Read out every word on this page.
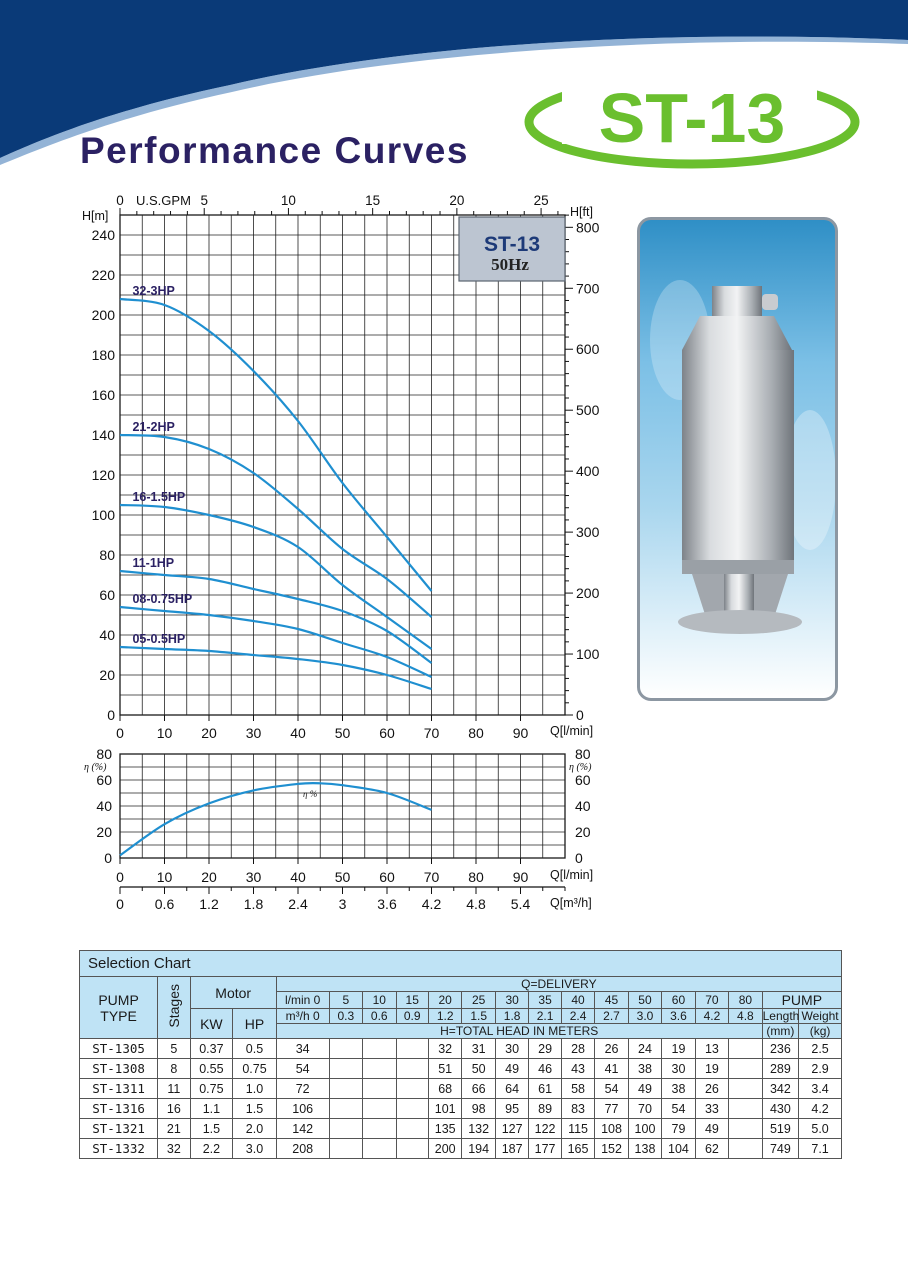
Performance Curves ST-13
0 10 20 30 40 50 60 70 80 90
0
20
40
60
80
100
120
140
160
180
200
220
240
0	5	10	15	20	25
0
100
200
300
400
500
600
700
800
32-3HP
21-2HP
16-1.5HP
11-1HP
08-0.75HP
05-0.5HP
ST-13
50Hz
H[m]	H[ft]
U.S.GPM
Q[l/min]
0	0
20	20
40	40
60	60
80	80
0 10 20 30 40 50 60 70 80 90
η (%)	η (%)
Q[l/min]
η %
0 0.6 1.2 1.8 2.4 3 3.6 4.2 4.8 5.4 Q[m³/h]
Selection Chart																			
PUMP TYPE	Stages	Motor		Q=DELIVERY															
				l/min 0	5	10	15	20	25	30	35	40	45	50	60	70	80	PUMP	
		KW	HP	m³/h 0	0.3	0.6	0.9	1.2	1.5	1.8	2.1	2.4	2.7	3.0	3.6	4.2	4.8	Length	Weight
				H=TOTAL HEAD IN METERS														(mm)	(kg)
ST-1305	5	0.37	0.5	34				32	31	30	29	28	26	24	19	13		236	2.5
ST-1308	8	0.55	0.75	54				51	50	49	46	43	41	38	30	19		289	2.9
ST-1311	11	0.75	1.0	72				68	66	64	61	58	54	49	38	26		342	3.4
ST-1316	16	1.1	1.5	106				101	98	95	89	83	77	70	54	33		430	4.2
ST-1321	21	1.5	2.0	142				135	132	127	122	115	108	100	79	49		519	5.0
ST-1332	32	2.2	3.0	208				200	194	187	177	165	152	138	104	62		749	7.1
